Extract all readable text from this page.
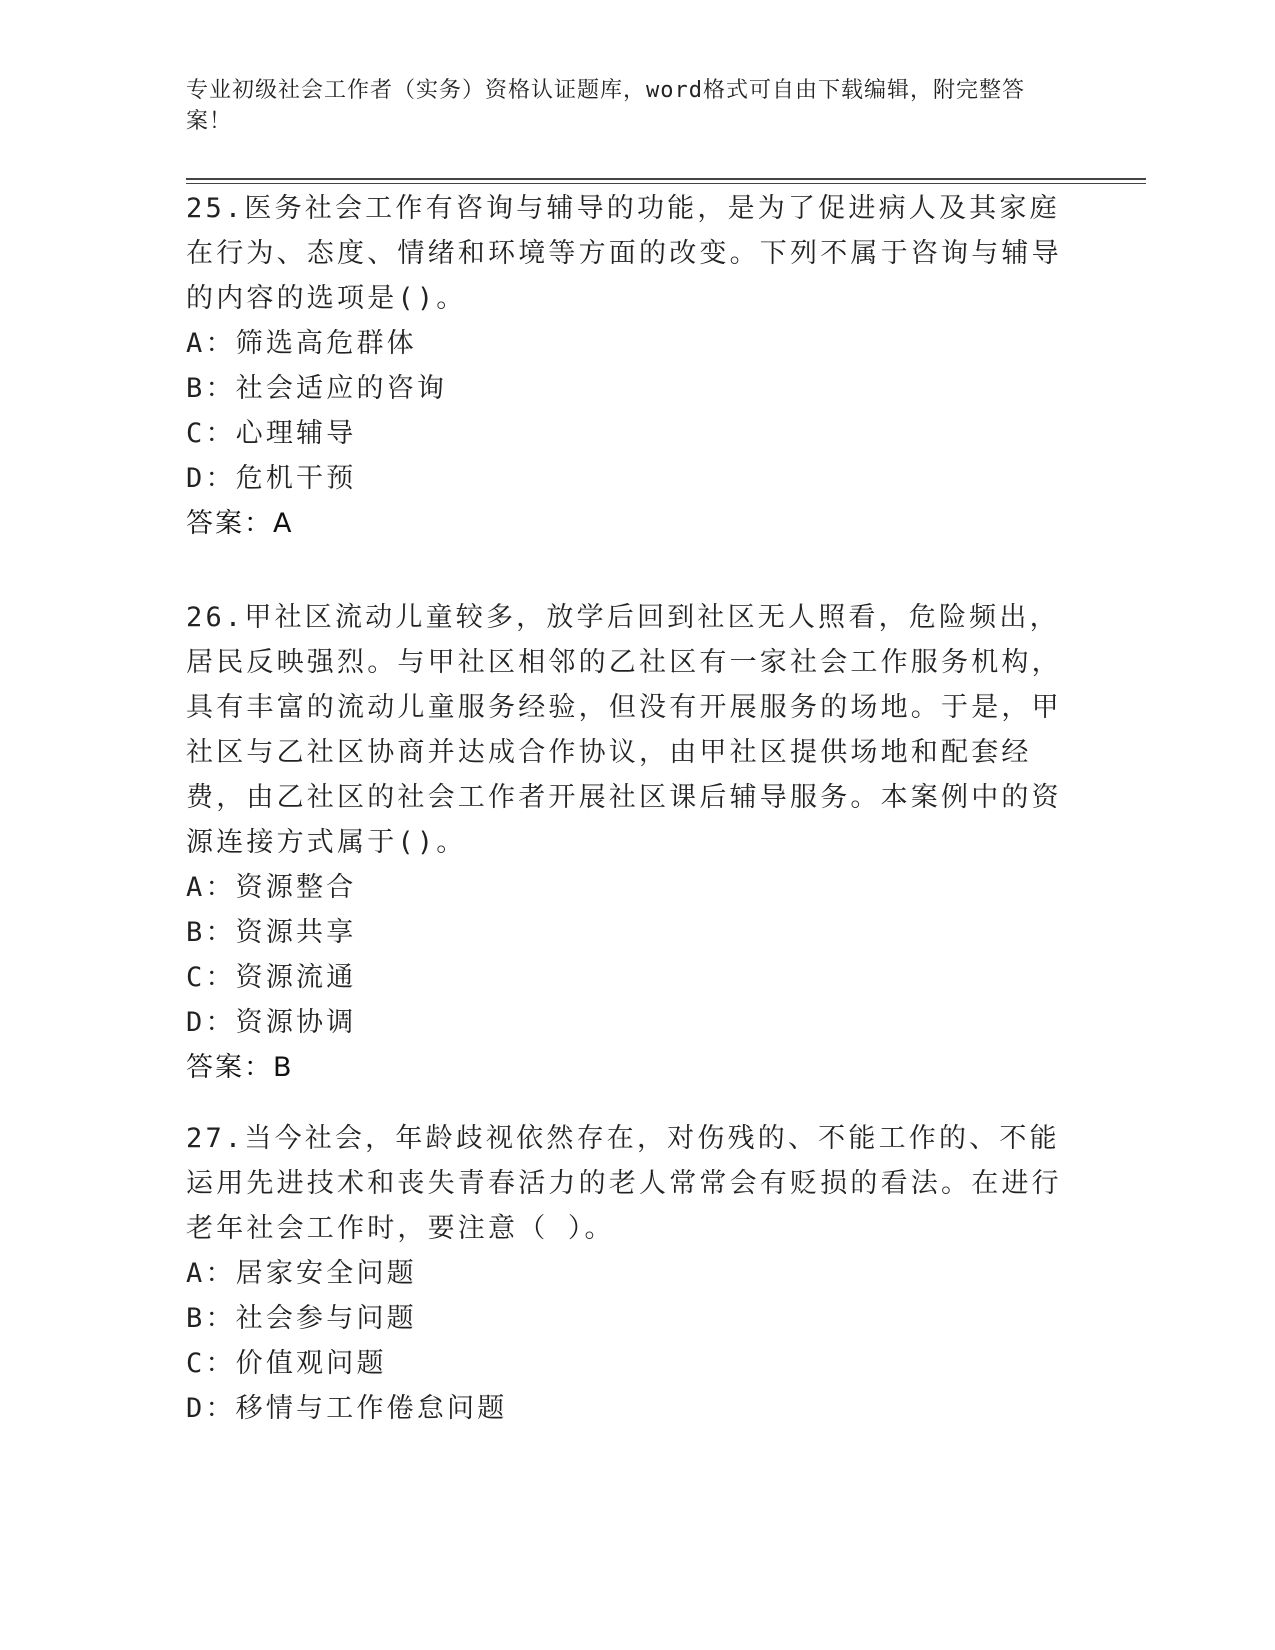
专业初级社会工作者（实务）资格认证题库，word格式可自由下载编辑，附完整答案！

25.医务社会工作有咨询与辅导的功能，是为了促进病人及其家庭在行为、态度、情绪和环境等方面的改变。下列不属于咨询与辅导的内容的选项是()。

A：筛选高危群体
B：社会适应的咨询
C：心理辅导
D：危机干预
答案：A

26.甲社区流动儿童较多，放学后回到社区无人照看，危险频出，居民反映强烈。与甲社区相邻的乙社区有一家社会工作服务机构，具有丰富的流动儿童服务经验，但没有开展服务的场地。于是，甲社区与乙社区协商并达成合作协议，由甲社区提供场地和配套经费，由乙社区的社会工作者开展社区课后辅导服务。本案例中的资源连接方式属于()。

A：资源整合
B：资源共享
C：资源流通
D：资源协调
答案：B

27.当今社会，年龄歧视依然存在，对伤残的、不能工作的、不能运用先进技术和丧失青春活力的老人常常会有贬损的看法。在进行老年社会工作时，要注意（ ）。

A：居家安全问题
B：社会参与问题
C：价值观问题
D：移情与工作倦怠问题
